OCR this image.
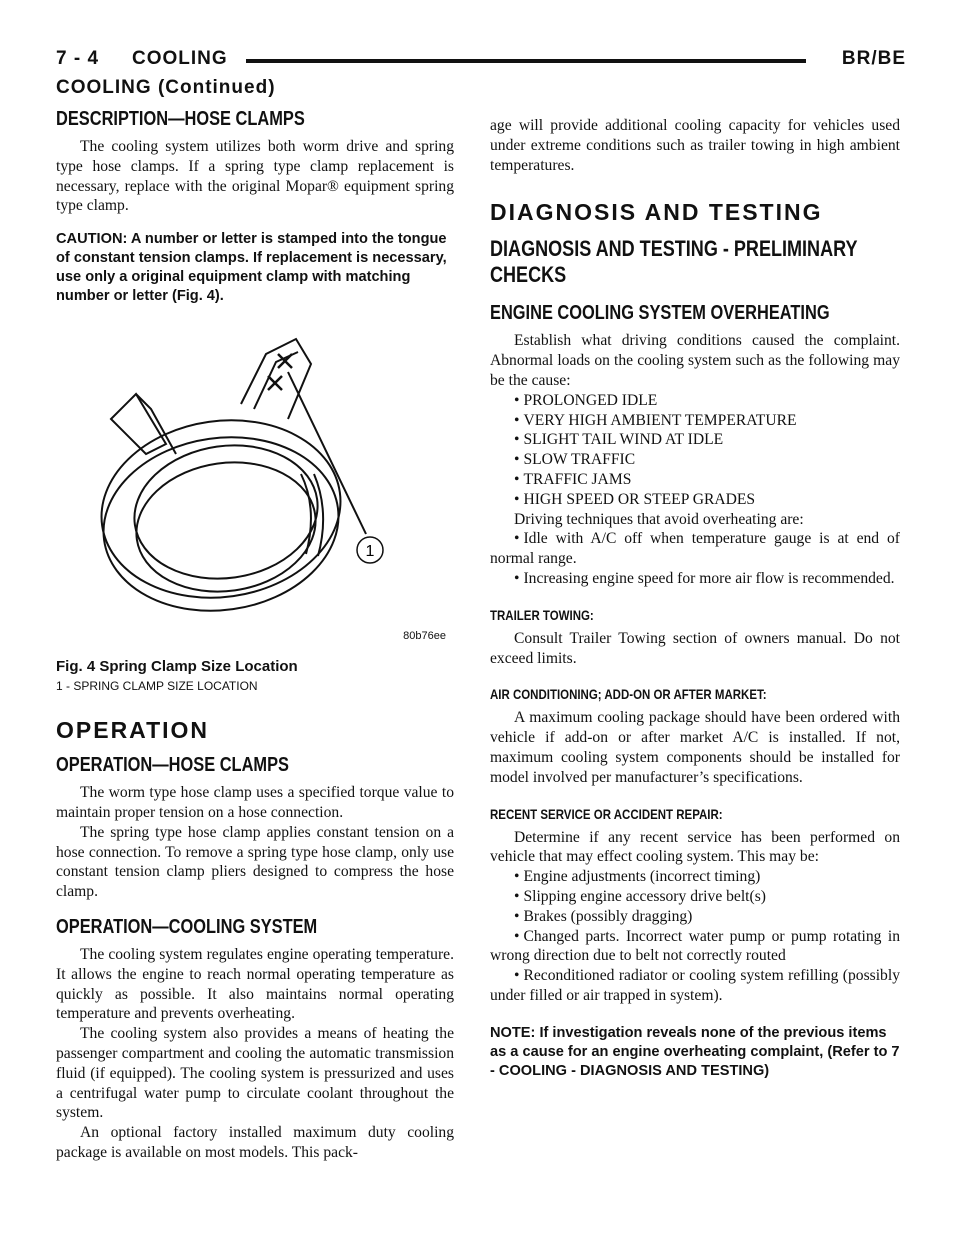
7 - 4 COOLING	BR/BE
COOLING (Continued)
DESCRIPTION—HOSE CLAMPS

The cooling system utilizes both worm drive and spring type hose clamps. If a spring type clamp replacement is necessary, replace with the original Mopar® equipment spring type clamp.

CAUTION: A number or letter is stamped into the tongue of constant tension clamps. If replacement is necessary, use only a original equipment clamp with matching number or letter (Fig. 4).

1
80b76ee
Fig. 4 Spring Clamp Size Location
1 - SPRING CLAMP SIZE LOCATION
OPERATION
OPERATION—HOSE CLAMPS

The worm type hose clamp uses a specified torque value to maintain proper tension on a hose connection.

The spring type hose clamp applies constant tension on a hose connection. To remove a spring type hose clamp, only use constant tension clamp pliers designed to compress the hose clamp.

OPERATION—COOLING SYSTEM

The cooling system regulates engine operating temperature. It allows the engine to reach normal operating temperature as quickly as possible. It also maintains normal operating temperature and prevents overheating.

The cooling system also provides a means of heating the passenger compartment and cooling the automatic transmission fluid (if equipped). The cooling system is pressurized and uses a centrifugal water pump to circulate coolant throughout the system.

An optional factory installed maximum duty cooling package is available on most models. This pack-

age will provide additional cooling capacity for vehicles used under extreme conditions such as trailer towing in high ambient temperatures.

DIAGNOSIS AND TESTING
DIAGNOSIS AND TESTING - PRELIMINARY
CHECKS
ENGINE COOLING SYSTEM OVERHEATING

Establish what driving conditions caused the complaint. Abnormal loads on the cooling system such as the following may be the cause:

• PROLONGED IDLE

• VERY HIGH AMBIENT TEMPERATURE

• SLIGHT TAIL WIND AT IDLE

• SLOW TRAFFIC

• TRAFFIC JAMS

• HIGH SPEED OR STEEP GRADES

Driving techniques that avoid overheating are:

• Idle with A/C off when temperature gauge is at end of normal range.

• Increasing engine speed for more air flow is recommended.

TRAILER TOWING:

Consult Trailer Towing section of owners manual. Do not exceed limits.

AIR CONDITIONING; ADD-ON OR AFTER MARKET:

A maximum cooling package should have been ordered with vehicle if add-on or after market A/C is installed. If not, maximum cooling system components should be installed for model involved per manufacturer’s specifications.

RECENT SERVICE OR ACCIDENT REPAIR:

Determine if any recent service has been performed on vehicle that may effect cooling system. This may be:

• Engine adjustments (incorrect timing)

• Slipping engine accessory drive belt(s)

• Brakes (possibly dragging)

• Changed parts. Incorrect water pump or pump rotating in wrong direction due to belt not correctly routed

• Reconditioned radiator or cooling system refilling (possibly under filled or air trapped in system).

NOTE: If investigation reveals none of the previous items as a cause for an engine overheating complaint, (Refer to 7 - COOLING - DIAGNOSIS AND TESTING)
